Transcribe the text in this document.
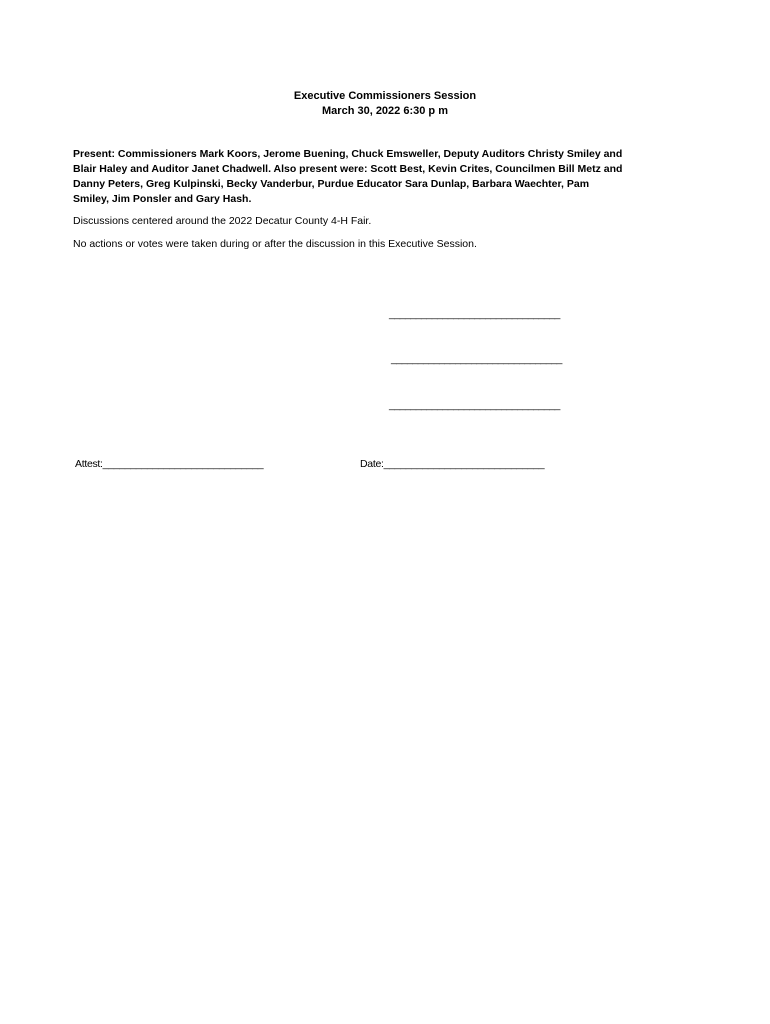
Executive Commissioners Session
March 30, 2022 6:30 p m
Present: Commissioners Mark Koors, Jerome Buening, Chuck Emsweller, Deputy Auditors Christy Smiley and
Blair Haley and Auditor Janet Chadwell. Also present were: Scott Best, Kevin Crites, Councilmen Bill Metz and
Danny Peters, Greg Kulpinski, Becky Vanderbur, Purdue Educator Sara Dunlap, Barbara Waechter, Pam
Smiley, Jim Ponsler and Gary Hash.
Discussions centered around the 2022 Decatur County 4-H Fair.
No actions or votes were taken during or after the discussion in this Executive Session.
________________________________
________________________________
________________________________
Attest:_____________________________	Date:_____________________________
